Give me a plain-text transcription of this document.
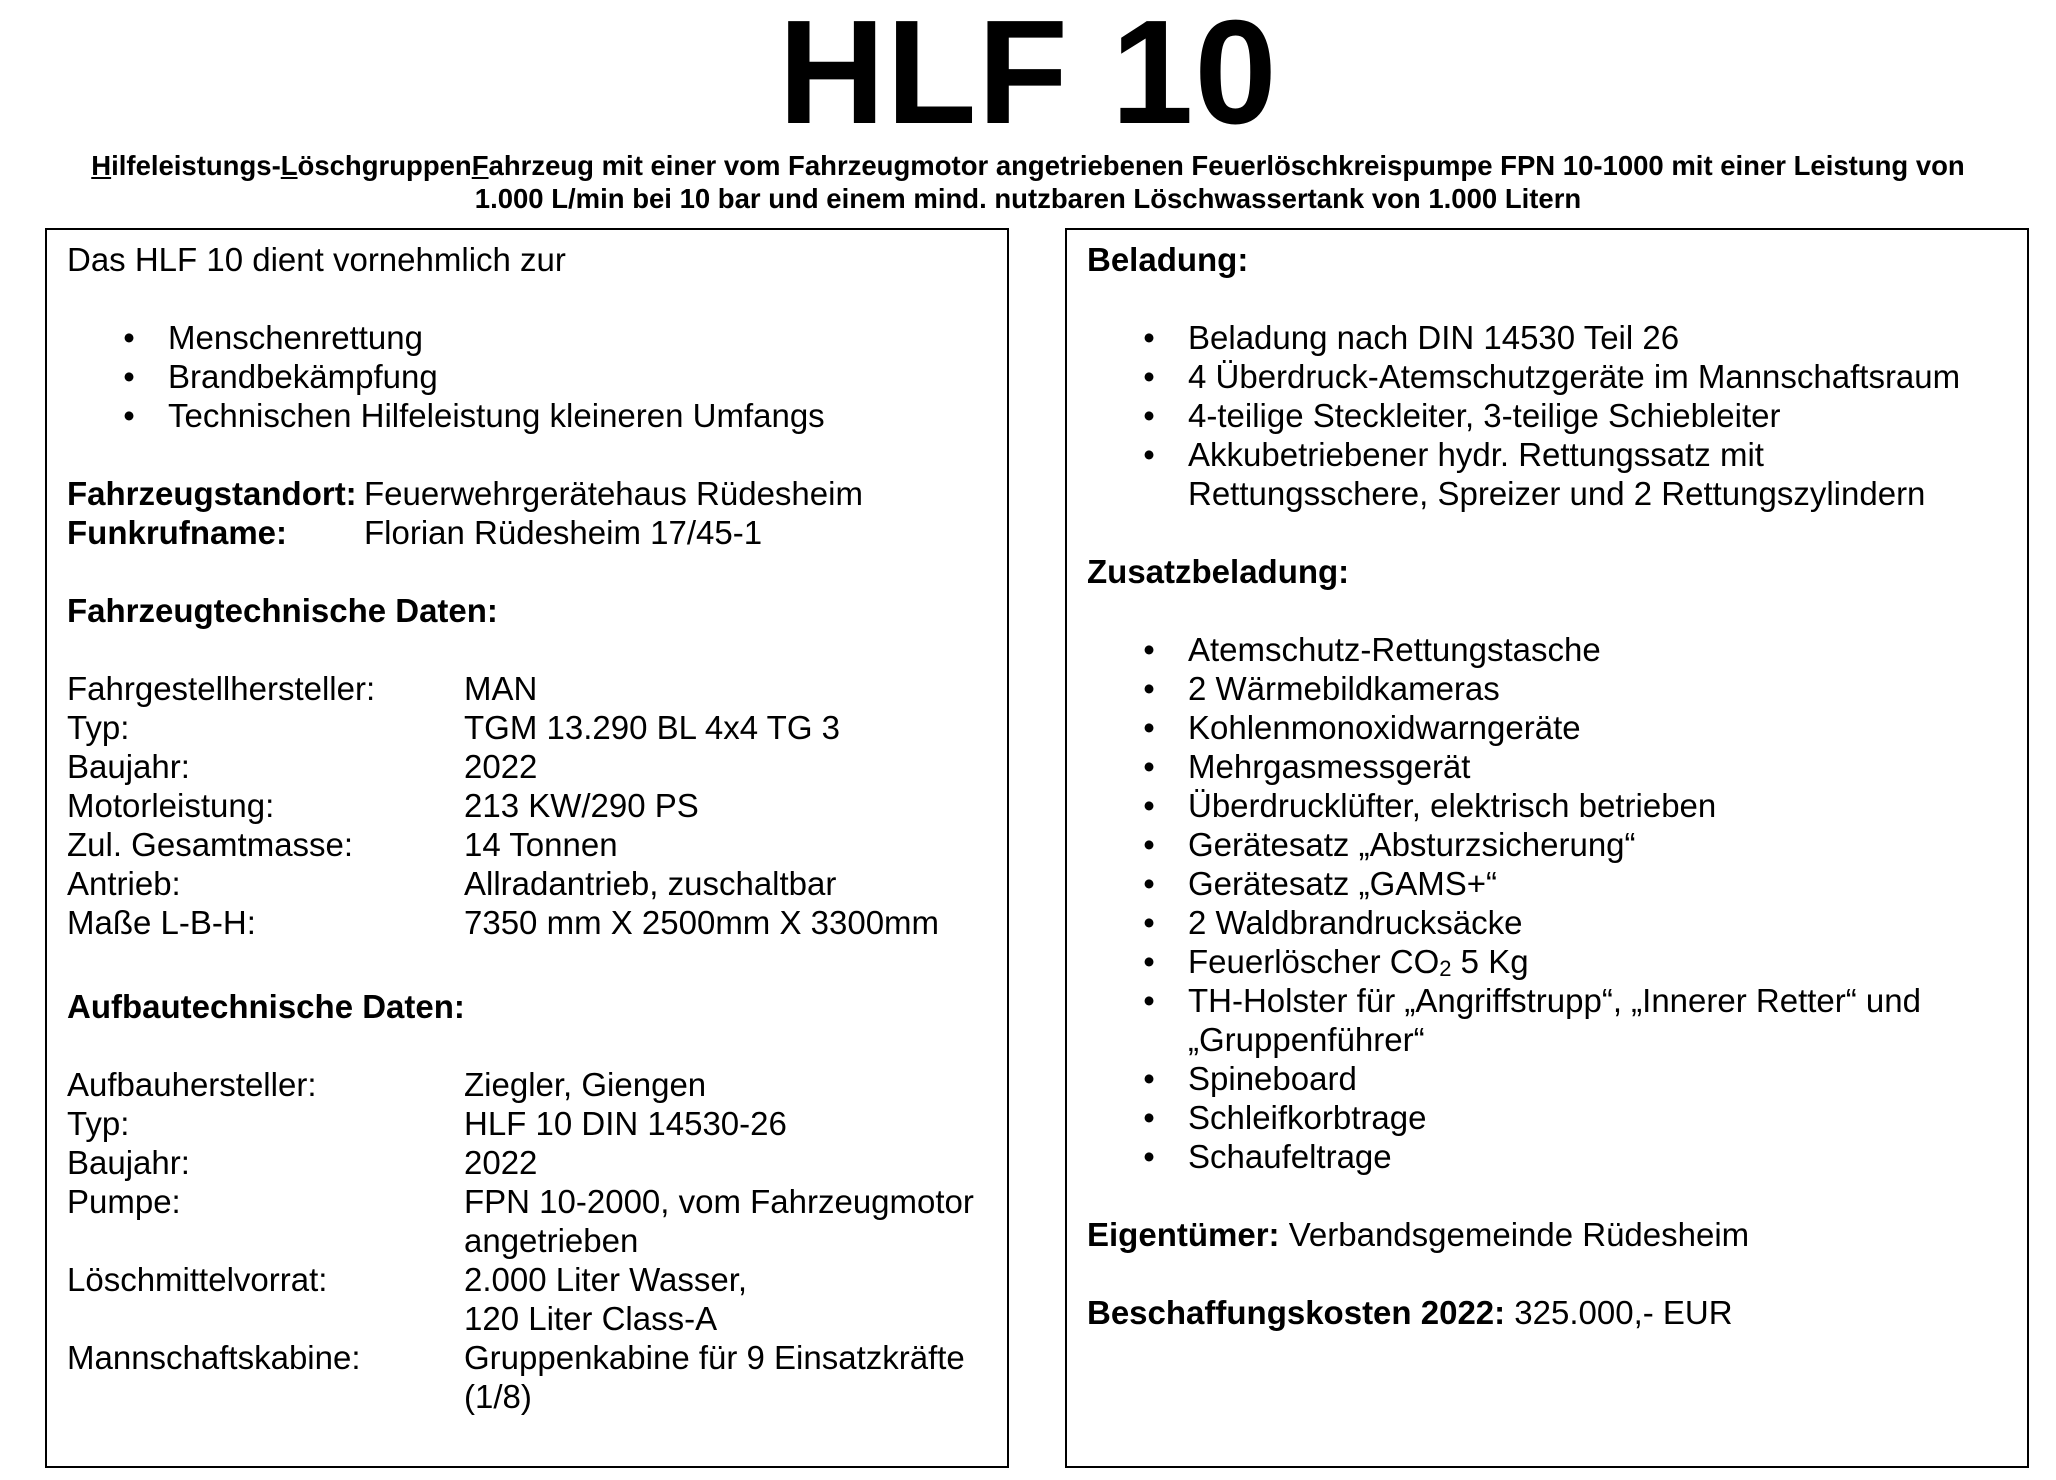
HLF 10
Hilfeleistungs-LöschgruppenFahrzeug mit einer vom Fahrzeugmotor angetriebenen Feuerlöschkreispumpe FPN 10-1000 mit einer Leistung von
1.000 L/min bei 10 bar und einem mind. nutzbaren Löschwassertank von 1.000 Litern
Das HLF 10 dient vornehmlich zur
• Menschenrettung
• Brandbekämpfung
• Technischen Hilfeleistung kleineren Umfangs
Fahrzeugstandort: Feuerwehrgerätehaus Rüdesheim
Funkrufname:	Florian Rüdesheim 17/45-1
Fahrzeugtechnische Daten:
Fahrgestellhersteller:	MAN
Typ:	TGM 13.290 BL 4x4 TG 3
Baujahr:	2022
Motorleistung:	213 KW/290 PS
Zul. Gesamtmasse:	14 Tonnen
Antrieb:	Allradantrieb, zuschaltbar
Maße L-B-H:	7350 mm X 2500mm X 3300mm
Aufbautechnische Daten:
Aufbauhersteller:	Ziegler, Giengen
Typ:	HLF 10 DIN 14530-26
Baujahr:	2022
Pumpe:	FPN 10-2000, vom Fahrzeugmotor
angetrieben
Löschmittelvorrat:	2.000 Liter Wasser,
120 Liter Class-A
Mannschaftskabine:	Gruppenkabine für 9 Einsatzkräfte
(1/8)
Beladung:
• Beladung nach DIN 14530 Teil 26
• 4 Überdruck-Atemschutzgeräte im Mannschaftsraum
• 4-teilige Steckleiter, 3-teilige Schiebleiter
• Akkubetriebener hydr. Rettungssatz mit
Rettungsschere, Spreizer und 2 Rettungszylindern
Zusatzbeladung:
• Atemschutz-Rettungstasche
• 2 Wärmebildkameras
• Kohlenmonoxidwarngeräte
• Mehrgasmessgerät
• Überdrucklüfter, elektrisch betrieben
• Gerätesatz „Absturzsicherung“
• Gerätesatz „GAMS+“
• 2 Waldbrandrucksäcke
• Feuerlöscher $CO_2$ 5 Kg
• TH-Holster für „Angriffstrupp“, „Innerer Retter“ und
„Gruppenführer“
• Spineboard
• Schleifkorbtrage
• Schaufeltrage
Eigentümer: Verbandsgemeinde Rüdesheim
Beschaffungskosten 2022: 325.000,- EUR
